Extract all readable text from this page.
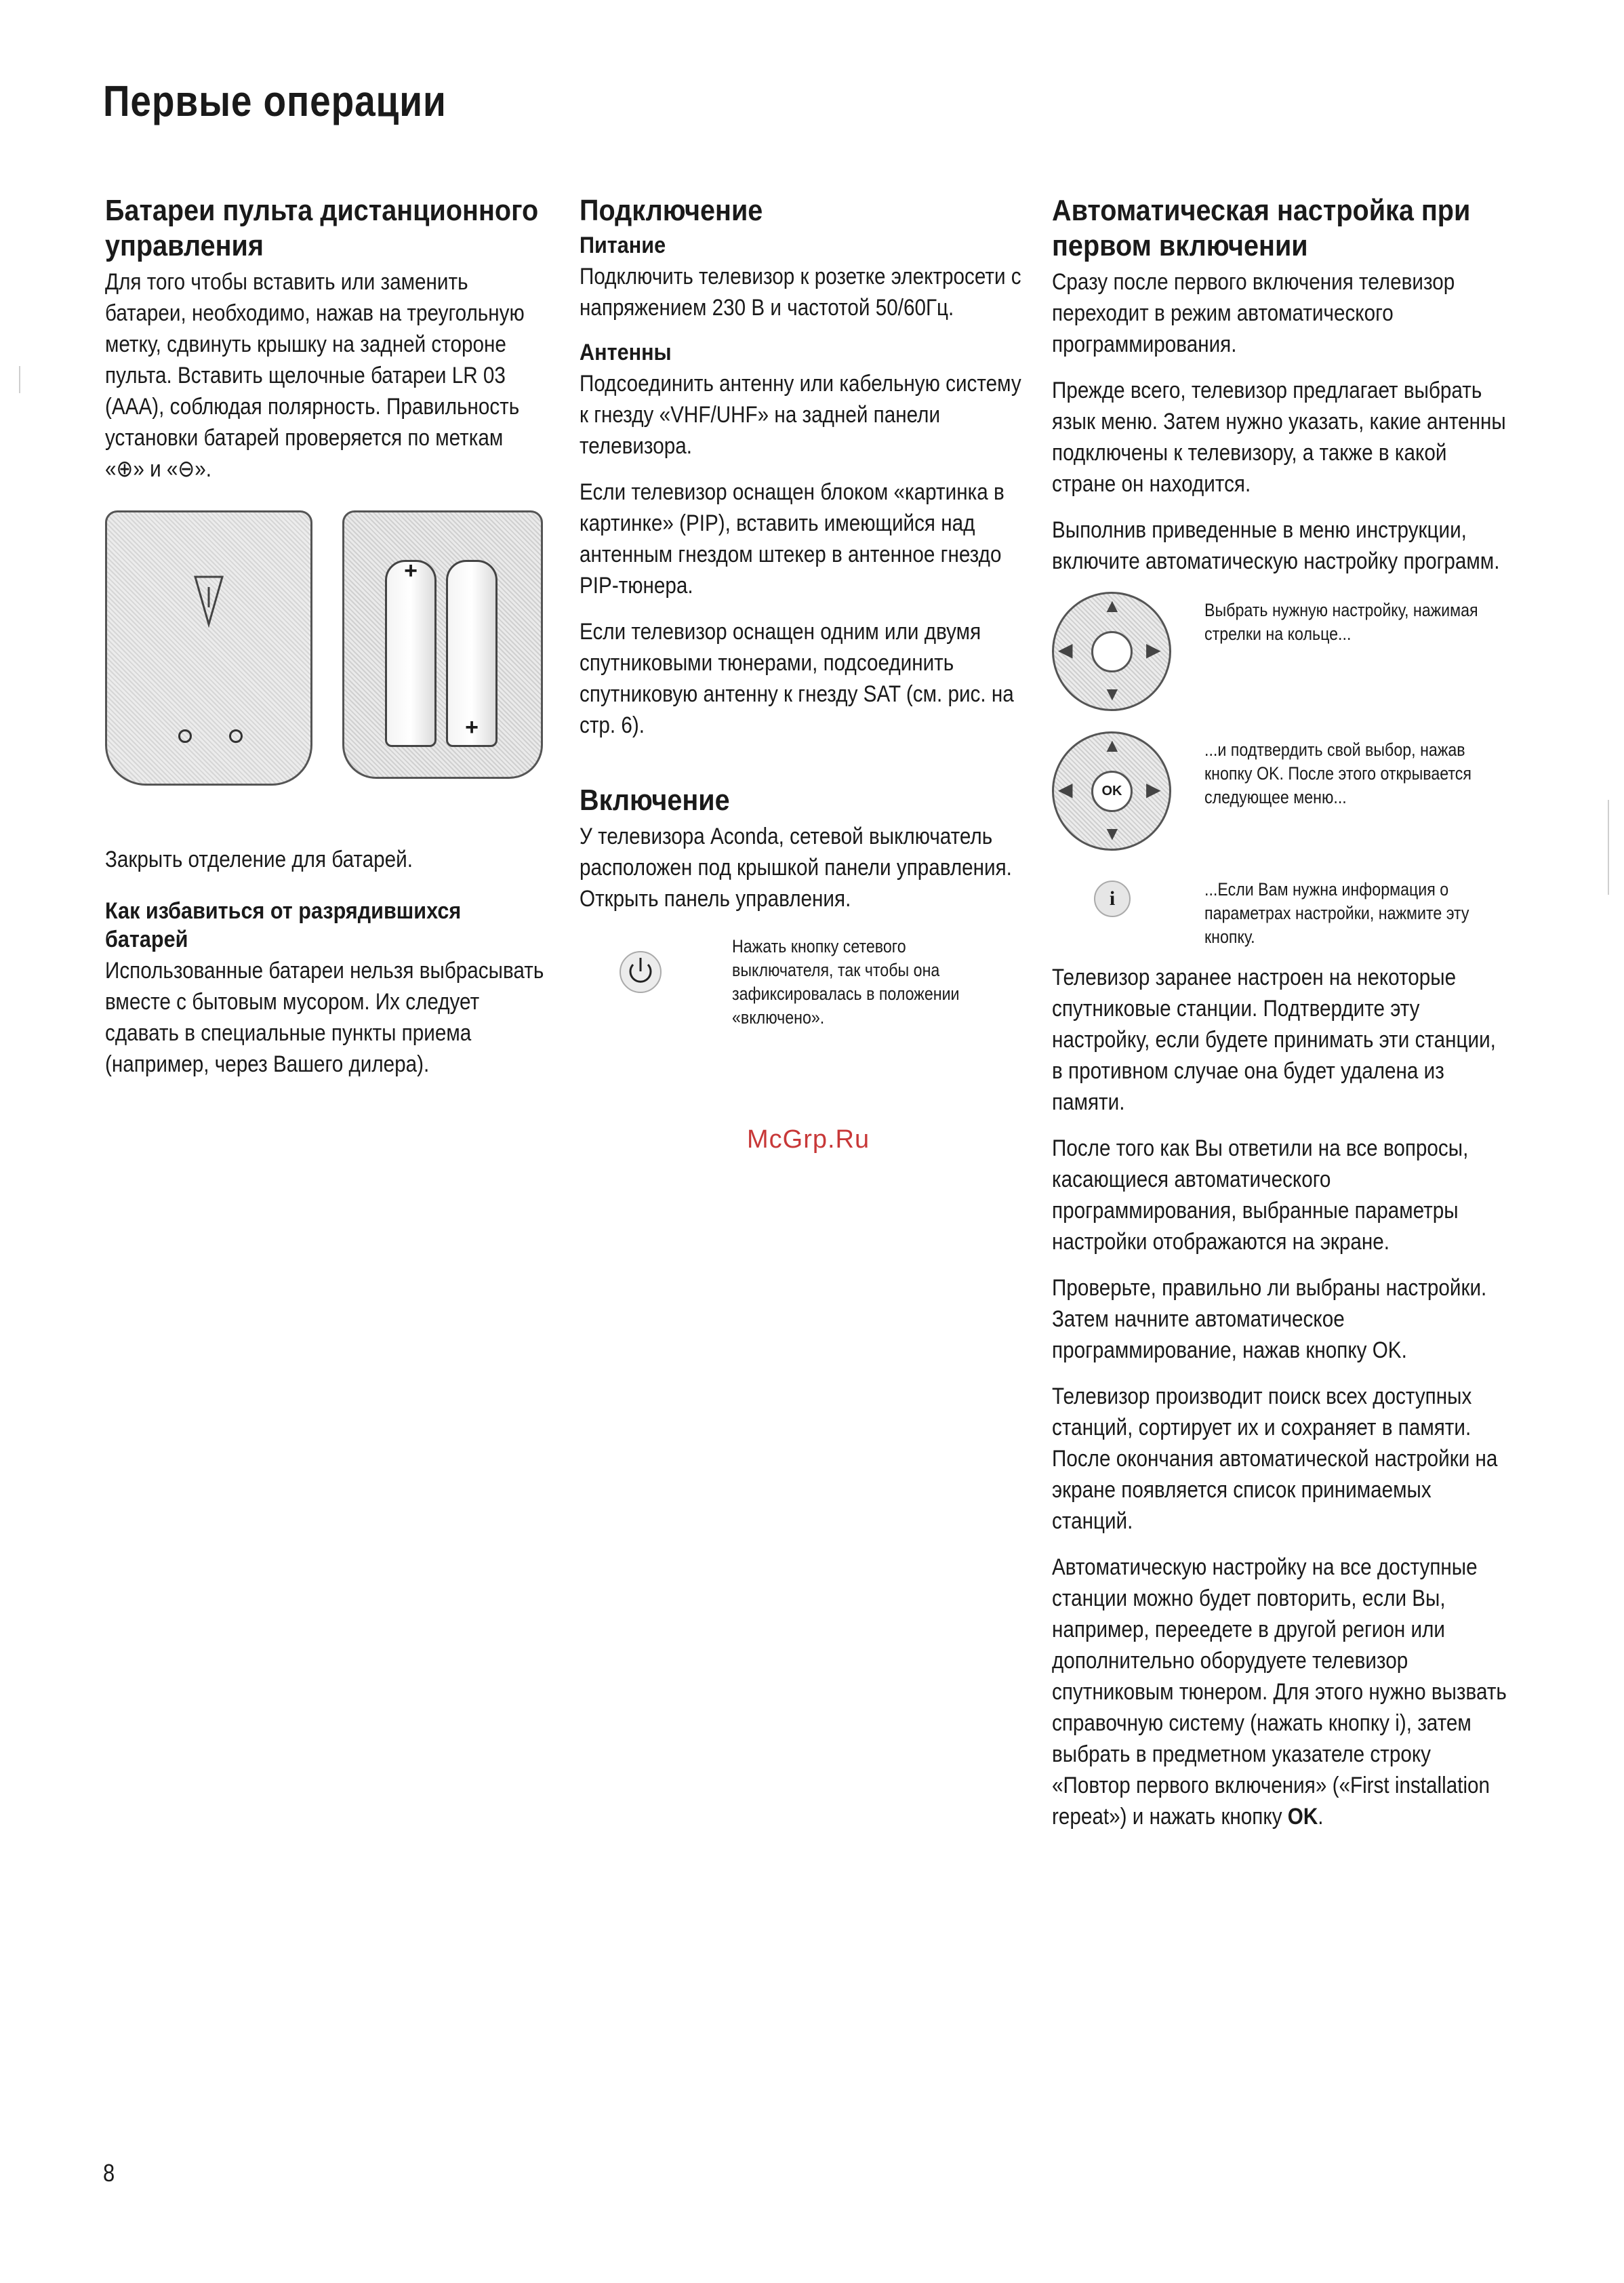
Первые операции
Батареи пульта дистанционного управления

Для того чтобы вставить или заменить батареи, необходимо, нажав на треугольную метку, сдвинуть крышку на задней стороне пульта. Вставить щелочные батареи LR 03 (AAA), соблюдая полярность. Правильность установки батарей проверяется по меткам «⊕» и «⊖».

+
+

Закрыть отделение для батарей.

Как избавиться от разрядившихся батарей

Использованные батареи нельзя выбрасывать вместе с бытовым мусором. Их следует сдавать в специальные пункты приема (например, через Вашего дилера).

Подключение
Питание

Подключить телевизор к розетке электросети с напряжением 230 В и частотой 50/60Гц.

Антенны

Подсоединить антенну или кабельную систему к гнезду «VHF/UHF» на задней панели телевизора.

Если телевизор оснащен блоком «картинка в картинке» (PIP), вставить имеющийся над антенным гнездом штекер в антенное гнездо PIP-тюнера.

Если телевизор оснащен одним или двумя спутниковыми тюнерами, подсоединить спутниковую антенну к гнезду SAT (см. рис. на стр. 6).

Включение

У телевизора Aconda, сетевой выключатель расположен под крышкой панели управления. Открыть панель управления.

Нажать кнопку сетевого выключателя, так чтобы она зафиксировалась в положении «включено».
Автоматическая настройка при первом включении

Сразу после первого включения телевизор переходит в режим автоматического программирования.

Прежде всего, телевизор предлагает выбрать язык меню. Затем нужно указать, какие антенны подключены к телевизору, а также в какой стране он находится.

Выполнив приведенные в меню инструкции, включите автоматическую настройку программ.

▲
▼
◀	▶
Выбрать нужную настройку, нажимая стрелки на кольце...
▲
▼
◀	▶
OK
...и подтвердить свой выбор, нажав кнопку OK. После этого открывается следующее меню...
i	...Если Вам нужна информация о параметрах настройки, нажмите эту кнопку.

Телевизор заранее настроен на некоторые спутниковые станции. Подтвердите эту настройку, если будете принимать эти станции, в противном случае она будет удалена из памяти.

После того как Вы ответили на все вопросы, касающиеся автоматического программирования, выбранные параметры настройки отображаются на экране.

Проверьте, правильно ли выбраны настройки. Затем начните автоматическое программирование, нажав кнопку OK.

Телевизор производит поиск всех доступных станций, сортирует их и сохраняет в памяти. После окончания автоматической настройки на экране появляется список принимаемых станций.

Автоматическую настройку на все доступные станции можно будет повторить, если Вы, например, переедете в другой регион или дополнительно оборудуете телевизор спутниковым тюнером. Для этого нужно вызвать справочную систему (нажать кнопку i), затем выбрать в предметном указателе строку «Повтор первого включения» («First installation repeat») и нажать кнопку OK.

McGrp.Ru
8
